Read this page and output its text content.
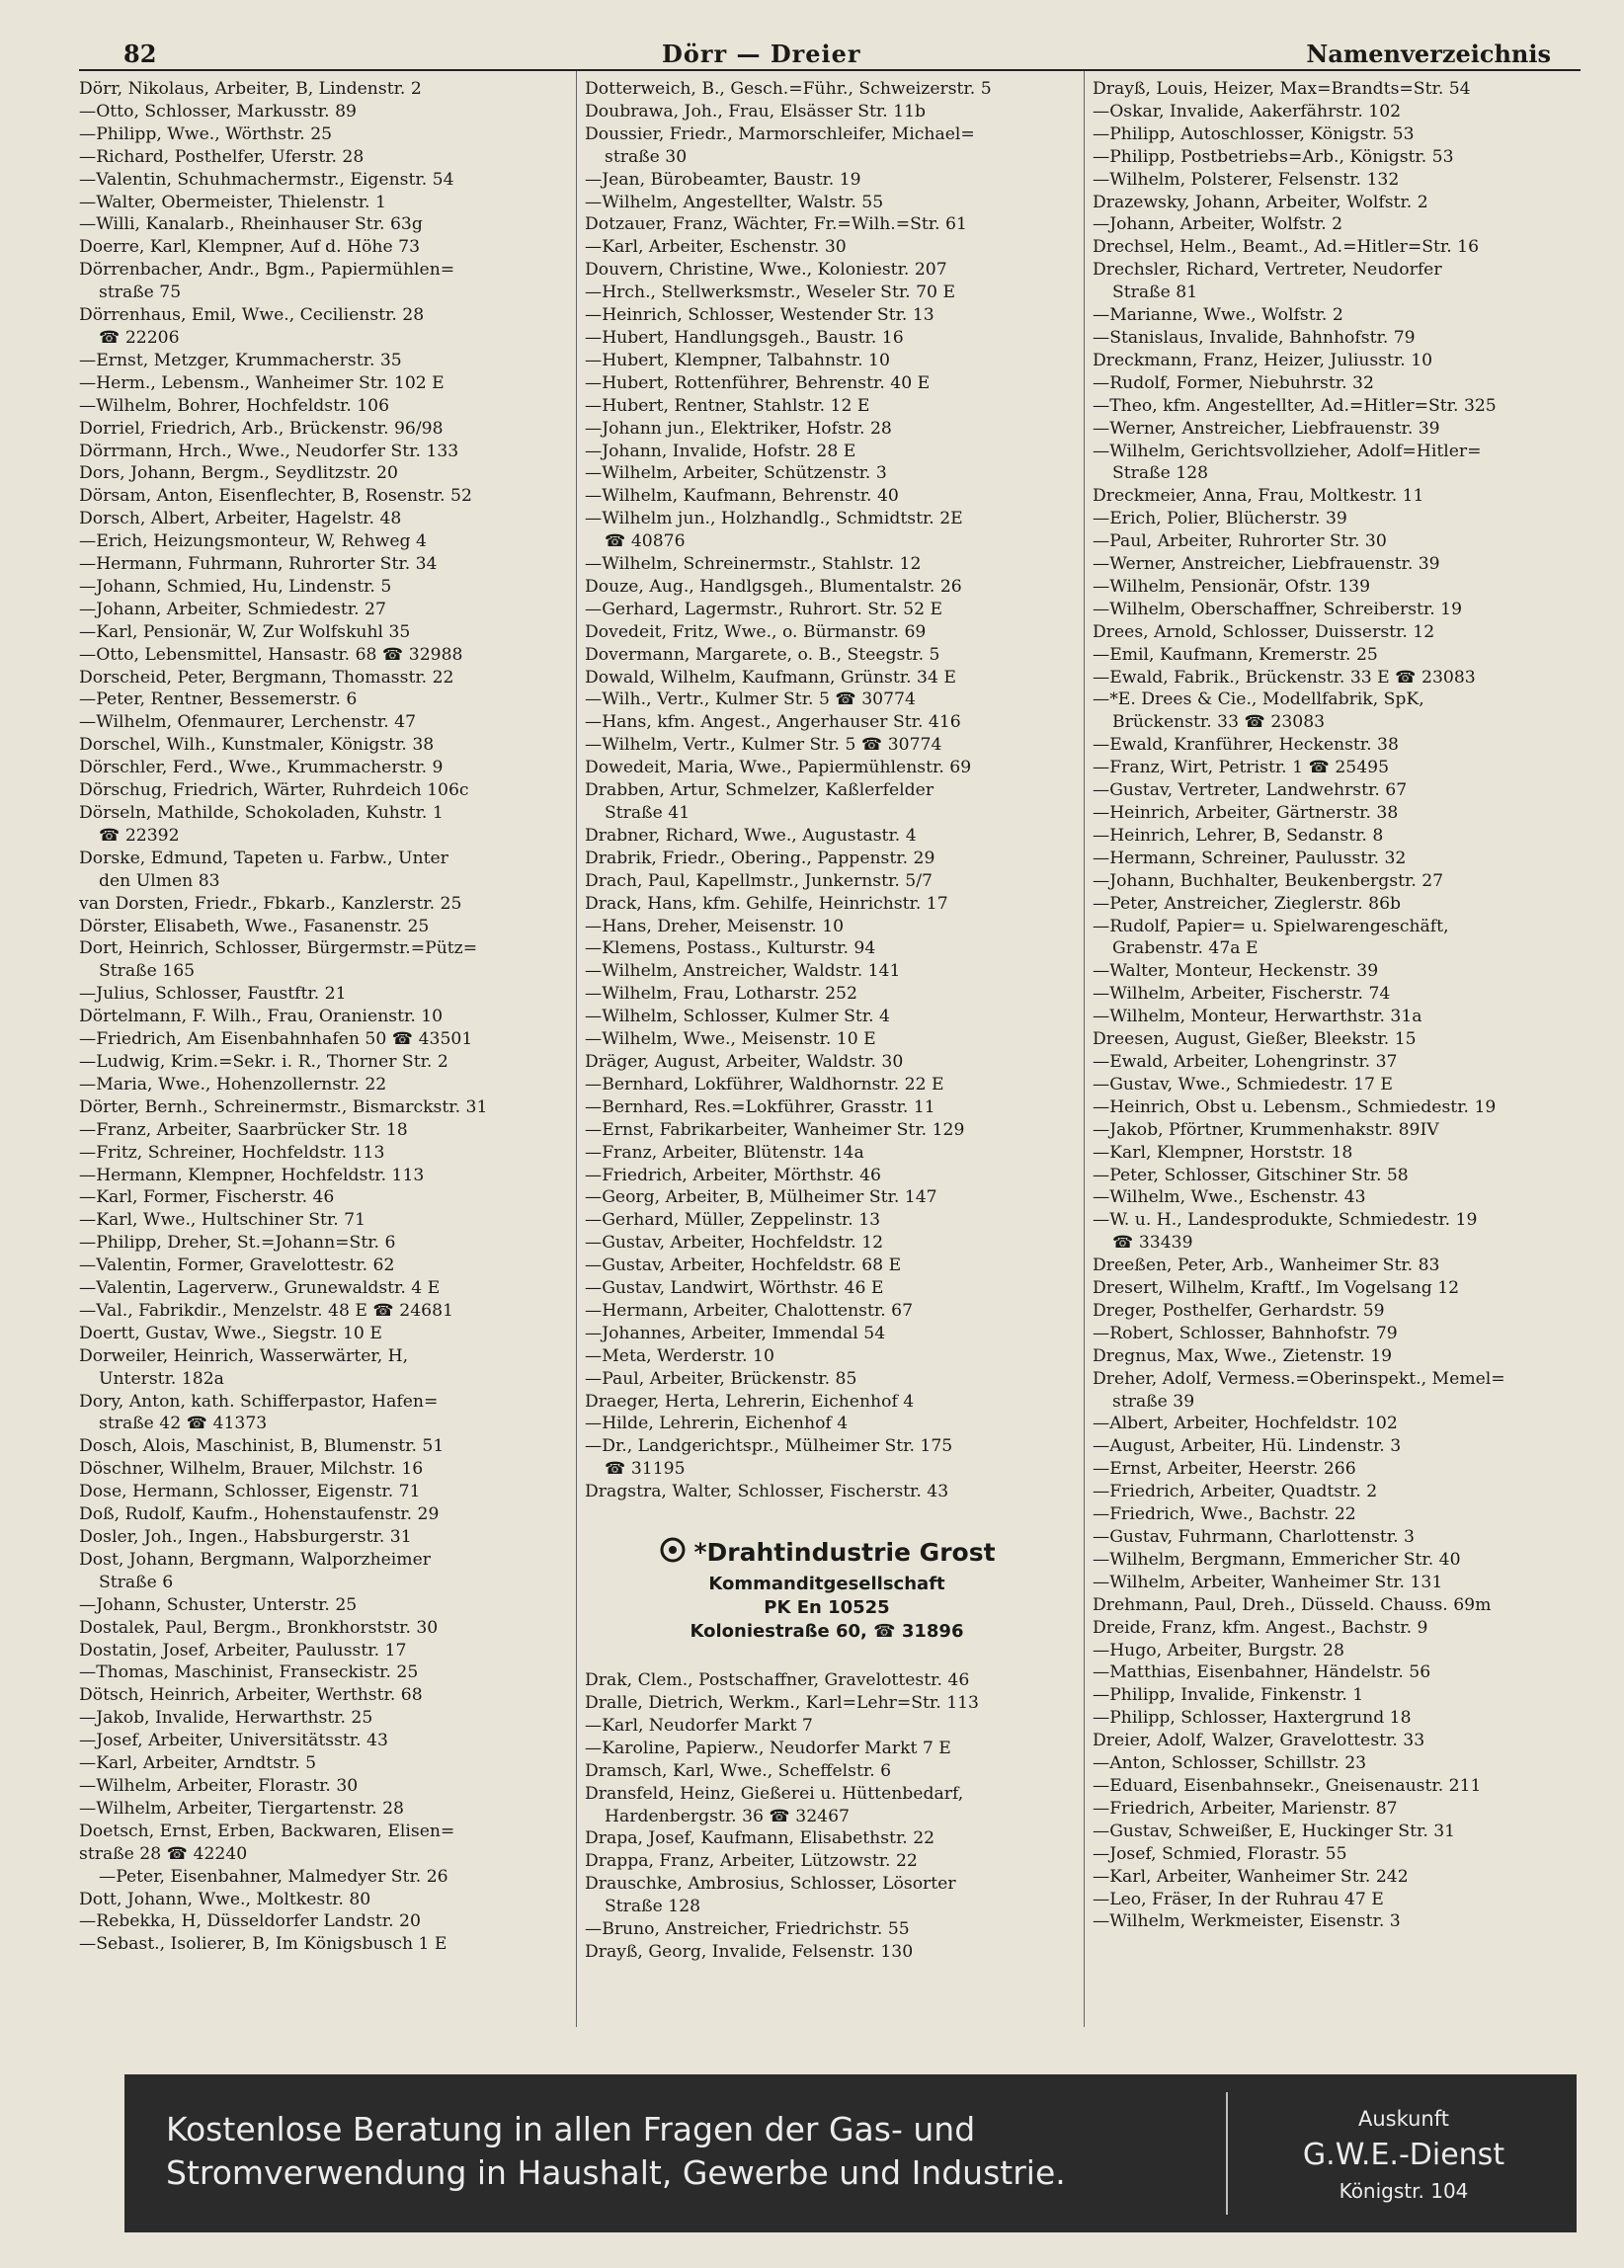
82	Dörr — Dreier	Namenverzeichnis
Dörr, Nikolaus, Arbeiter, B, Lindenstr. 2
—Otto, Schlosser, Markusstr. 89
—Philipp, Wwe., Wörthstr. 25
—Richard, Posthelfer, Uferstr. 28
—Valentin, Schuhmachermstr., Eigenstr. 54
—Walter, Obermeister, Thielenstr. 1
—Willi, Kanalarb., Rheinhauser Str. 63g
Doerre, Karl, Klempner, Auf d. Höhe 73
Dörrenbacher, Andr., Bgm., Papiermühlen=
straße 75
Dörrenhaus, Emil, Wwe., Cecilienstr. 28
☎ 22206
—Ernst, Metzger, Krummacherstr. 35
—Herm., Lebensm., Wanheimer Str. 102 E
—Wilhelm, Bohrer, Hochfeldstr. 106
Dorriel, Friedrich, Arb., Brückenstr. 96/98
Dörrmann, Hrch., Wwe., Neudorfer Str. 133
Dors, Johann, Bergm., Seydlitzstr. 20
Dörsam, Anton, Eisenflechter, B, Rosenstr. 52
Dorsch, Albert, Arbeiter, Hagelstr. 48
—Erich, Heizungsmonteur, W, Rehweg 4
—Hermann, Fuhrmann, Ruhrorter Str. 34
—Johann, Schmied, Hu, Lindenstr. 5
—Johann, Arbeiter, Schmiedestr. 27
—Karl, Pensionär, W, Zur Wolfskuhl 35
—Otto, Lebensmittel, Hansastr. 68 ☎ 32988
Dorscheid, Peter, Bergmann, Thomasstr. 22
—Peter, Rentner, Bessemerstr. 6
—Wilhelm, Ofenmaurer, Lerchenstr. 47
Dorschel, Wilh., Kunstmaler, Königstr. 38
Dörschler, Ferd., Wwe., Krummacherstr. 9
Dörschug, Friedrich, Wärter, Ruhrdeich 106c
Dörseln, Mathilde, Schokoladen, Kuhstr. 1
☎ 22392
Dorske, Edmund, Tapeten u. Farbw., Unter
den Ulmen 83
van Dorsten, Friedr., Fbkarb., Kanzlerstr. 25
Dörster, Elisabeth, Wwe., Fasanenstr. 25
Dort, Heinrich, Schlosser, Bürgermstr.=Pütz=
Straße 165
—Julius, Schlosser, Faustftr. 21
Dörtelmann, F. Wilh., Frau, Oranienstr. 10
—Friedrich, Am Eisenbahnhafen 50 ☎ 43501
—Ludwig, Krim.=Sekr. i. R., Thorner Str. 2
—Maria, Wwe., Hohenzollernstr. 22
Dörter, Bernh., Schreinermstr., Bismarckstr. 31
—Franz, Arbeiter, Saarbrücker Str. 18
—Fritz, Schreiner, Hochfeldstr. 113
—Hermann, Klempner, Hochfeldstr. 113
—Karl, Former, Fischerstr. 46
—Karl, Wwe., Hultschiner Str. 71
—Philipp, Dreher, St.=Johann=Str. 6
—Valentin, Former, Gravelottestr. 62
—Valentin, Lagerverw., Grunewaldstr. 4 E
—Val., Fabrikdir., Menzelstr. 48 E ☎ 24681
Doertt, Gustav, Wwe., Siegstr. 10 E
Dorweiler, Heinrich, Wasserwärter, H,
Unterstr. 182a
Dory, Anton, kath. Schifferpastor, Hafen=
straße 42 ☎ 41373
Dosch, Alois, Maschinist, B, Blumenstr. 51
Döschner, Wilhelm, Brauer, Milchstr. 16
Dose, Hermann, Schlosser, Eigenstr. 71
Doß, Rudolf, Kaufm., Hohenstaufenstr. 29
Dosler, Joh., Ingen., Habsburgerstr. 31
Dost, Johann, Bergmann, Walporzheimer
Straße 6
—Johann, Schuster, Unterstr. 25
Dostalek, Paul, Bergm., Bronkhorststr. 30
Dostatin, Josef, Arbeiter, Paulusstr. 17
—Thomas, Maschinist, Franseckistr. 25
Dötsch, Heinrich, Arbeiter, Werthstr. 68
—Jakob, Invalide, Herwarthstr. 25
—Josef, Arbeiter, Universitätsstr. 43
—Karl, Arbeiter, Arndtstr. 5
—Wilhelm, Arbeiter, Florastr. 30
—Wilhelm, Arbeiter, Tiergartenstr. 28
Doetsch, Ernst, Erben, Backwaren, Elisen=
straße 28 ☎ 42240
—Peter, Eisenbahner, Malmedyer Str. 26
Dott, Johann, Wwe., Moltkestr. 80
—Rebekka, H, Düsseldorfer Landstr. 20
—Sebast., Isolierer, B, Im Königsbusch 1 E
Dotterweich, B., Gesch.=Führ., Schweizerstr. 5
Doubrawa, Joh., Frau, Elsässer Str. 11b
Doussier, Friedr., Marmorschleifer, Michael=
straße 30
—Jean, Bürobeamter, Baustr. 19
—Wilhelm, Angestellter, Walstr. 55
Dotzauer, Franz, Wächter, Fr.=Wilh.=Str. 61
—Karl, Arbeiter, Eschenstr. 30
Douvern, Christine, Wwe., Koloniestr. 207
—Hrch., Stellwerksmstr., Weseler Str. 70 E
—Heinrich, Schlosser, Westender Str. 13
—Hubert, Handlungsgeh., Baustr. 16
—Hubert, Klempner, Talbahnstr. 10
—Hubert, Rottenführer, Behrenstr. 40 E
—Hubert, Rentner, Stahlstr. 12 E
—Johann jun., Elektriker, Hofstr. 28
—Johann, Invalide, Hofstr. 28 E
—Wilhelm, Arbeiter, Schützenstr. 3
—Wilhelm, Kaufmann, Behrenstr. 40
—Wilhelm jun., Holzhandlg., Schmidtstr. 2E
☎ 40876
—Wilhelm, Schreinermstr., Stahlstr. 12
Douze, Aug., Handlgsgeh., Blumentalstr. 26
—Gerhard, Lagermstr., Ruhrort. Str. 52 E
Dovedeit, Fritz, Wwe., o. Bürmanstr. 69
Dovermann, Margarete, o. B., Steegstr. 5
Dowald, Wilhelm, Kaufmann, Grünstr. 34 E
—Wilh., Vertr., Kulmer Str. 5 ☎ 30774
—Hans, kfm. Angest., Angerhauser Str. 416
—Wilhelm, Vertr., Kulmer Str. 5 ☎ 30774
Dowedeit, Maria, Wwe., Papiermühlenstr. 69
Drabben, Artur, Schmelzer, Kaßlerfelder
Straße 41
Drabner, Richard, Wwe., Augustastr. 4
Drabrik, Friedr., Obering., Pappenstr. 29
Drach, Paul, Kapellmstr., Junkernstr. 5/7
Drack, Hans, kfm. Gehilfe, Heinrichstr. 17
—Hans, Dreher, Meisenstr. 10
—Klemens, Postass., Kulturstr. 94
—Wilhelm, Anstreicher, Waldstr. 141
—Wilhelm, Frau, Lotharstr. 252
—Wilhelm, Schlosser, Kulmer Str. 4
—Wilhelm, Wwe., Meisenstr. 10 E
Dräger, August, Arbeiter, Waldstr. 30
—Bernhard, Lokführer, Waldhornstr. 22 E
—Bernhard, Res.=Lokführer, Grasstr. 11
—Ernst, Fabrikarbeiter, Wanheimer Str. 129
—Franz, Arbeiter, Blütenstr. 14a
—Friedrich, Arbeiter, Mörthstr. 46
—Georg, Arbeiter, B, Mülheimer Str. 147
—Gerhard, Müller, Zeppelinstr. 13
—Gustav, Arbeiter, Hochfeldstr. 12
—Gustav, Arbeiter, Hochfeldstr. 68 E
—Gustav, Landwirt, Wörthstr. 46 E
—Hermann, Arbeiter, Chalottenstr. 67
—Johannes, Arbeiter, Immendal 54
—Meta, Werderstr. 10
—Paul, Arbeiter, Brückenstr. 85
Draeger, Herta, Lehrerin, Eichenhof 4
—Hilde, Lehrerin, Eichenhof 4
—Dr., Landgerichtspr., Mülheimer Str. 175
☎ 31195
Dragstra, Walter, Schlosser, Fischerstr. 43
*Drahtindustrie Grost
Kommanditgesellschaft
PK En 10525
Koloniestraße 60, ☎ 31896
Drak, Clem., Postschaffner, Gravelottestr. 46
Dralle, Dietrich, Werkm., Karl=Lehr=Str. 113
—Karl, Neudorfer Markt 7
—Karoline, Papierw., Neudorfer Markt 7 E
Dramsch, Karl, Wwe., Scheffelstr. 6
Dransfeld, Heinz, Gießerei u. Hüttenbedarf,
Hardenbergstr. 36 ☎ 32467
Drapa, Josef, Kaufmann, Elisabethstr. 22
Drappa, Franz, Arbeiter, Lützowstr. 22
Drauschke, Ambrosius, Schlosser, Lösorter
Straße 128
—Bruno, Anstreicher, Friedrichstr. 55
Drayß, Georg, Invalide, Felsenstr. 130
Drayß, Louis, Heizer, Max=Brandts=Str. 54
—Oskar, Invalide, Aakerfährstr. 102
—Philipp, Autoschlosser, Königstr. 53
—Philipp, Postbetriebs=Arb., Königstr. 53
—Wilhelm, Polsterer, Felsenstr. 132
Drazewsky, Johann, Arbeiter, Wolfstr. 2
—Johann, Arbeiter, Wolfstr. 2
Drechsel, Helm., Beamt., Ad.=Hitler=Str. 16
Drechsler, Richard, Vertreter, Neudorfer
Straße 81
—Marianne, Wwe., Wolfstr. 2
—Stanislaus, Invalide, Bahnhofstr. 79
Dreckmann, Franz, Heizer, Juliusstr. 10
—Rudolf, Former, Niebuhrstr. 32
—Theo, kfm. Angestellter, Ad.=Hitler=Str. 325
—Werner, Anstreicher, Liebfrauenstr. 39
—Wilhelm, Gerichtsvollzieher, Adolf=Hitler=
Straße 128
Dreckmeier, Anna, Frau, Moltkestr. 11
—Erich, Polier, Blücherstr. 39
—Paul, Arbeiter, Ruhrorter Str. 30
—Werner, Anstreicher, Liebfrauenstr. 39
—Wilhelm, Pensionär, Ofstr. 139
—Wilhelm, Oberschaffner, Schreiberstr. 19
Drees, Arnold, Schlosser, Duisserstr. 12
—Emil, Kaufmann, Kremerstr. 25
—Ewald, Fabrik., Brückenstr. 33 E ☎ 23083
—*E. Drees & Cie., Modellfabrik, SpK,
Brückenstr. 33 ☎ 23083
—Ewald, Kranführer, Heckenstr. 38
—Franz, Wirt, Petristr. 1 ☎ 25495
—Gustav, Vertreter, Landwehrstr. 67
—Heinrich, Arbeiter, Gärtnerstr. 38
—Heinrich, Lehrer, B, Sedanstr. 8
—Hermann, Schreiner, Paulusstr. 32
—Johann, Buchhalter, Beukenbergstr. 27
—Peter, Anstreicher, Zieglerstr. 86b
—Rudolf, Papier= u. Spielwarengeschäft,
Grabenstr. 47a E
—Walter, Monteur, Heckenstr. 39
—Wilhelm, Arbeiter, Fischerstr. 74
—Wilhelm, Monteur, Herwarthstr. 31a
Dreesen, August, Gießer, Bleekstr. 15
—Ewald, Arbeiter, Lohengrinstr. 37
—Gustav, Wwe., Schmiedestr. 17 E
—Heinrich, Obst u. Lebensm., Schmiedestr. 19
—Jakob, Pförtner, Krummenhakstr. 89IV
—Karl, Klempner, Horststr. 18
—Peter, Schlosser, Gitschiner Str. 58
—Wilhelm, Wwe., Eschenstr. 43
—W. u. H., Landesprodukte, Schmiedestr. 19
☎ 33439
Dreeßen, Peter, Arb., Wanheimer Str. 83
Dresert, Wilhelm, Kraftf., Im Vogelsang 12
Dreger, Posthelfer, Gerhardstr. 59
—Robert, Schlosser, Bahnhofstr. 79
Dregnus, Max, Wwe., Zietenstr. 19
Dreher, Adolf, Vermess.=Oberinspekt., Memel=
straße 39
—Albert, Arbeiter, Hochfeldstr. 102
—August, Arbeiter, Hü. Lindenstr. 3
—Ernst, Arbeiter, Heerstr. 266
—Friedrich, Arbeiter, Quadtstr. 2
—Friedrich, Wwe., Bachstr. 22
—Gustav, Fuhrmann, Charlottenstr. 3
—Wilhelm, Bergmann, Emmericher Str. 40
—Wilhelm, Arbeiter, Wanheimer Str. 131
Drehmann, Paul, Dreh., Düsseld. Chauss. 69m
Dreide, Franz, kfm. Angest., Bachstr. 9
—Hugo, Arbeiter, Burgstr. 28
—Matthias, Eisenbahner, Händelstr. 56
—Philipp, Invalide, Finkenstr. 1
—Philipp, Schlosser, Haxtergrund 18
Dreier, Adolf, Walzer, Gravelottestr. 33
—Anton, Schlosser, Schillstr. 23
—Eduard, Eisenbahnsekr., Gneisenaustr. 211
—Friedrich, Arbeiter, Marienstr. 87
—Gustav, Schweißer, E, Huckinger Str. 31
—Josef, Schmied, Florastr. 55
—Karl, Arbeiter, Wanheimer Str. 242
—Leo, Fräser, In der Ruhrau 47 E
—Wilhelm, Werkmeister, Eisenstr. 3
Kostenlose Beratung in allen Fragen der Gas- und
Stromverwendung in Haushalt, Gewerbe und Industrie.
Auskunft
G.W.E.-Dienst
Königstr. 104
